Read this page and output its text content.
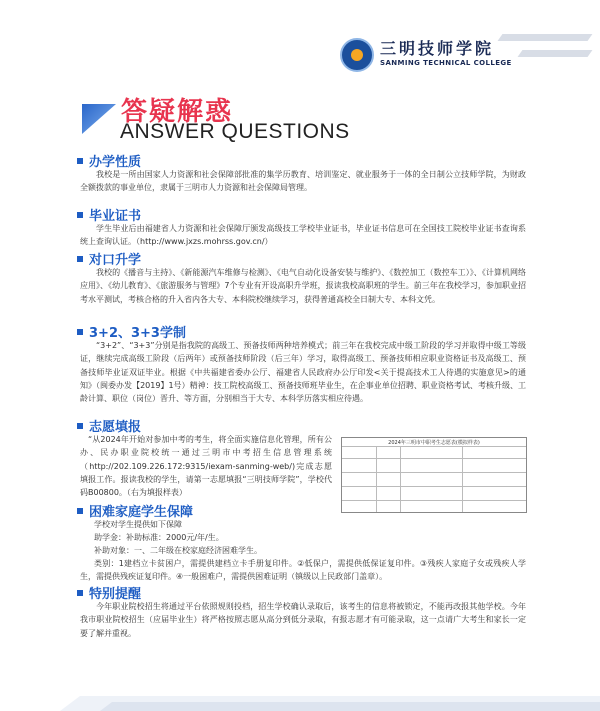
三明技师学院
SANMING TECHNICAL COLLEGE
答疑解惑
ANSWER QUESTIONS
办学性质
我校是一所由国家人力资源和社会保障部批准的集学历教育、培训鉴定、就业服务于一体的全日制公立技师学院，为财政全额拨款的事业单位，隶属于三明市人力资源和社会保障局管理。
毕业证书
学生毕业后由福建省人力资源和社会保障厅颁发高级技工学校毕业证书，毕业证书信息可在全国技工院校毕业证书查询系统上查询认证。（http://www.jxzs.mohrss.gov.cn/）
对口升学
我校的《播音与主持》、《新能源汽车维修与检测》、《电气自动化设备安装与维护》、《数控加工（数控车工）》、《计算机网络应用》、《幼儿教育》、《旅游服务与管理》7个专业有开设高职升学班，报读我校高职班的学生。前三年在我校学习，参加职业招考水平测试，考核合格的升入省内各大专、本科院校继续学习，获得普通高校全日制大专、本科文凭。
3+2、3+3学制
“3+2”、“3+3”分别是指我院的高级工、预备技师两种培养模式；前三年在我校完成中级工阶段的学习并取得中级工等级证，继续完成高级工阶段（后两年）或预备技师阶段（后三年）学习，取得高级工、预备技师相应职业资格证书及高级工、预备技师毕业证双证毕业。根据《中共福建省委办公厅、福建省人民政府办公厅印发<关于提高技术工人待遇的实施意见>的通知》（闽委办发【2019】1号）精神：技工院校高级工、预备技师班毕业生，在企事业单位招聘、职业资格考试、考核升级、工龄计算、职位（岗位）晋升、等方面，分别相当于大专、本科学历落实相应待遇。
志愿填报
“从2024年开始对参加中考的考生，将全面实施信息化管理，所有公办、民办职业院校统一通过三明市中考招生信息管理系统（http://202.109.226.172:9315/iexam-sanming-web/)完成志愿填报工作。报读我校的学生，请第一志愿填报“三明技师学院”，学校代码B00800。（右为填报样表）
2024年三明市中职考生志愿表(模拟样表)
困难家庭学生保障
学校对学生提供如下保障
助学金：补助标准：2000元/年/生。
补助对象：一、二年级在校家庭经济困难学生。
类别：1建档立卡贫困户，需提供建档立卡手册复印件。②低保户，需提供低保证复印件。③残疾人家庭子女或残疾人学生，需提供残疾证复印件。④一般困难户，需提供困难证明（镇级以上民政部门盖章）。
特别提醒
今年职业院校招生将通过平台依照规则投档，招生学校确认录取后，该考生的信息将被锁定，不能再改报其他学校。今年我市职业院校招生（应届毕业生）将严格按照志愿从高分到低分录取，有报志愿才有可能录取，这一点请广大考生和家长一定要了解并重视。
